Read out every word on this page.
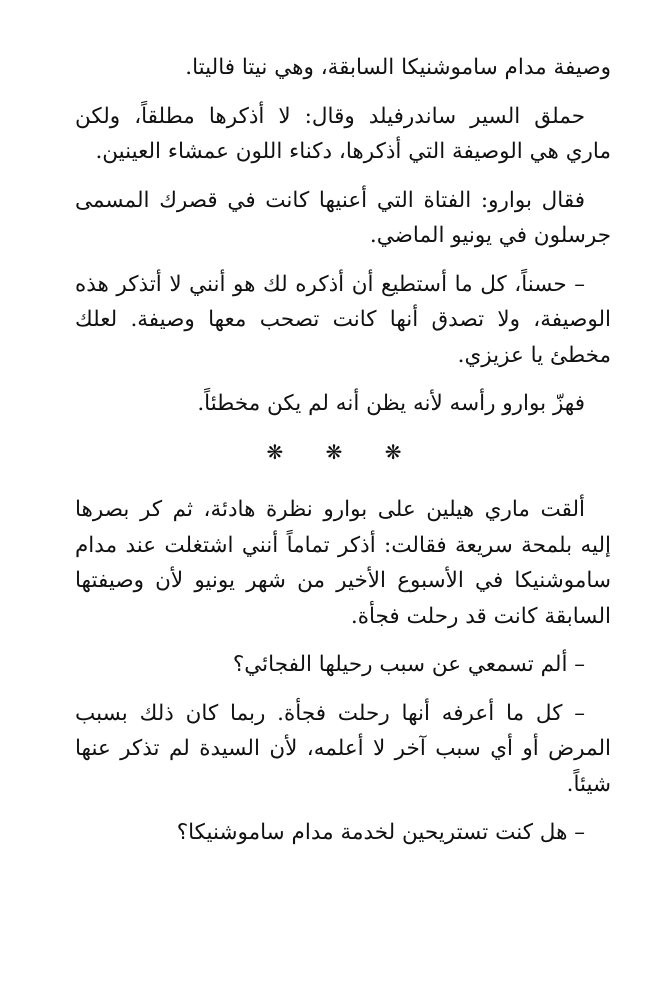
وصيفة مدام ساموشنيكا السابقة، وهي نيتا فاليتا.

حملق السير ساندرفيلد وقال: لا أذكرها مطلقاً، ولكن ماري هي الوصيفة التي أذكرها، دكناء اللون عمشاء العينين.

فقال بوارو: الفتاة التي أعنيها كانت في قصرك المسمى جرسلون في يونيو الماضي.

– حسناً، كل ما أستطيع أن أذكره لك هو أنني لا أتذكر هذه الوصيفة، ولا تصدق أنها كانت تصحب معها وصيفة. لعلك مخطئ يا عزيزي.

فهزّ بوارو رأسه لأنه يظن أنه لم يكن مخطئاً.

❋ ❋ ❋

ألقت ماري هيلين على بوارو نظرة هادئة، ثم كر بصرها إليه بلمحة سريعة فقالت: أذكر تماماً أنني اشتغلت عند مدام ساموشنيكا في الأسبوع الأخير من شهر يونيو لأن وصيفتها السابقة كانت قد رحلت فجأة.

– ألم تسمعي عن سبب رحيلها الفجائي؟

– كل ما أعرفه أنها رحلت فجأة. ربما كان ذلك بسبب المرض أو أي سبب آخر لا أعلمه، لأن السيدة لم تذكر عنها شيئاً.

– هل كنت تستريحين لخدمة مدام ساموشنيكا؟
